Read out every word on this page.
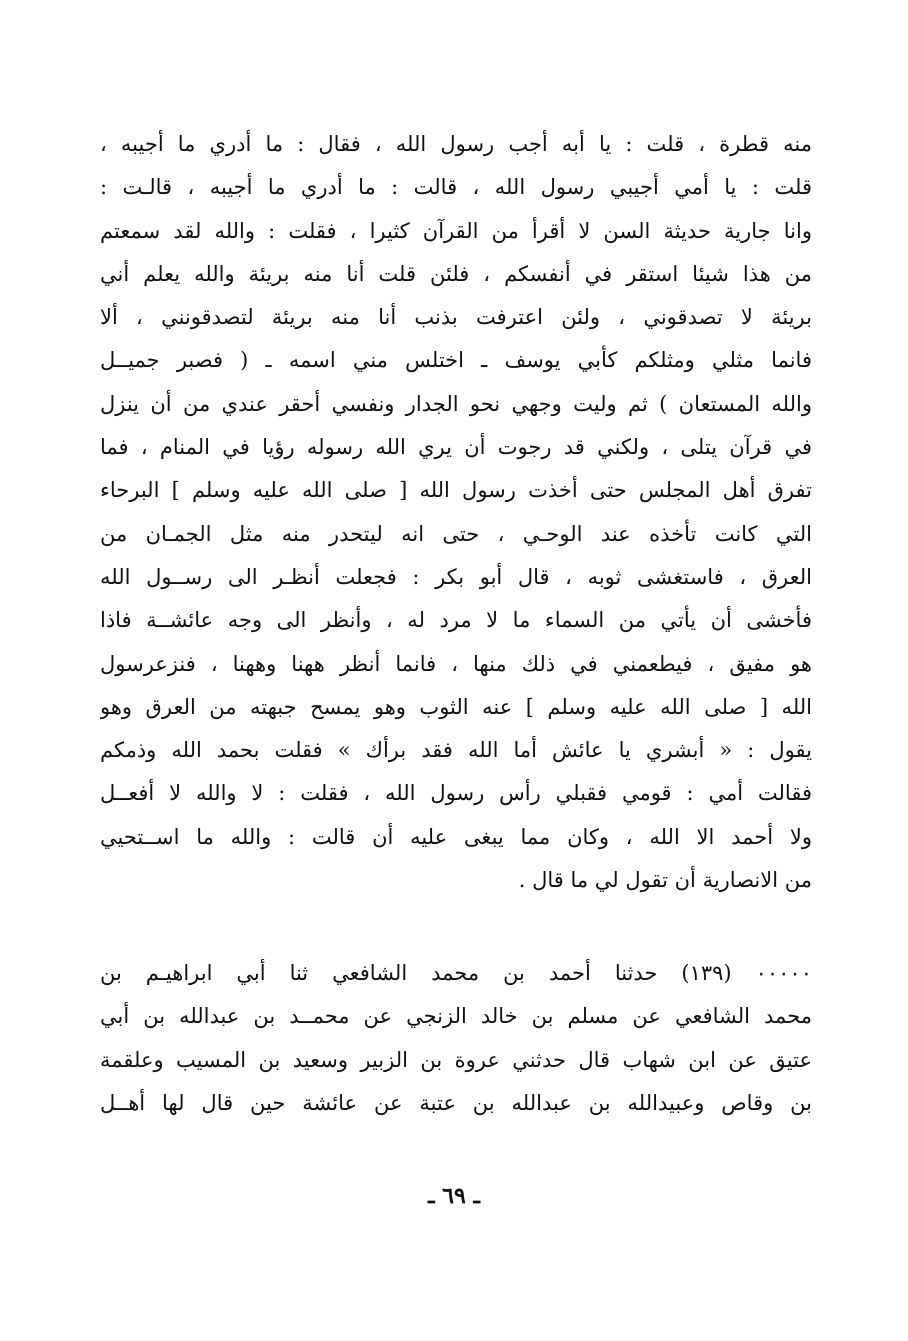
منه قطرة ، قلت : يا أبه أجب رسول الله ، فقال : ما أدري ما أجيبه ،
قلت : يا أمي أجيبي رسول الله ، قالت : ما أدري ما أجيبه ، قالـت :
وانا جارية حديثة السن لا أقرأ من القرآن كثيرا ، فقلت : والله لقد سمعتم
من هذا شيئا استقر في أنفسكم ، فلئن قلت أنا منه بريئة والله يعلم أني
بريئة لا تصدقوني ، ولئن اعترفت بذنب أنا منه بريئة لتصدقونني ، ألا
فانما مثلي ومثلكم كأبي يوسف ـ اختلس مني اسمه ـ ( فصبر جميــل
والله المستعان ) ثم وليت وجهي نحو الجدار ونفسي أحقر عندي من أن ينزل
في قرآن يتلى ، ولكني قد رجوت أن يري الله رسوله رؤيا في المنام ، فما
تفرق أهل المجلس حتى أخذت رسول الله [ صلى الله عليه وسلم ] البرحاء
التي كانت تأخذه عند الوحـي ، حتى انه ليتحدر منه مثل الجمـان من
العرق ، فاستغشى ثوبه ، قال أبو بكر : فجعلت أنظـر الى رســول الله
فأخشى أن يأتي من السماء ما لا مرد له ، وأنظر الى وجه عائشــة فاذا
هو مفيق ، فيطعمني في ذلك منها ، فانما أنظر ههنا وههنا ، فنزعرسول
الله [ صلى الله عليه وسلم ] عنه الثوب وهو يمسح جبهته من العرق وهو
يقول : « أبشري يا عائش أما الله فقد برأك » فقلت بحمد الله وذمكم
فقالت أمي : قومي فقبلي رأس رسول الله ، فقلت : لا والله لا أفعــل
ولا أحمد الا الله ، وكان مما يبغى عليه أن قالت : والله ما اســتحيي
من الانصارية أن تقول لي ما قال .
٠٠٠٠٠ (١٣٩) حدثنا أحمد بن محمد الشافعي ثنا أبي ابراهيـم بن
محمد الشافعي عن مسلم بن خالد الزنجي عن محمــد بن عبدالله بن أبي
عتيق عن ابن شهاب قال حدثني عروة بن الزبير وسعيد بن المسيب وعلقمة
بن وقاص وعبيدالله بن عبدالله بن عتبة عن عائشة حين قال لها أهــل
ـ ٦٩ ـ
